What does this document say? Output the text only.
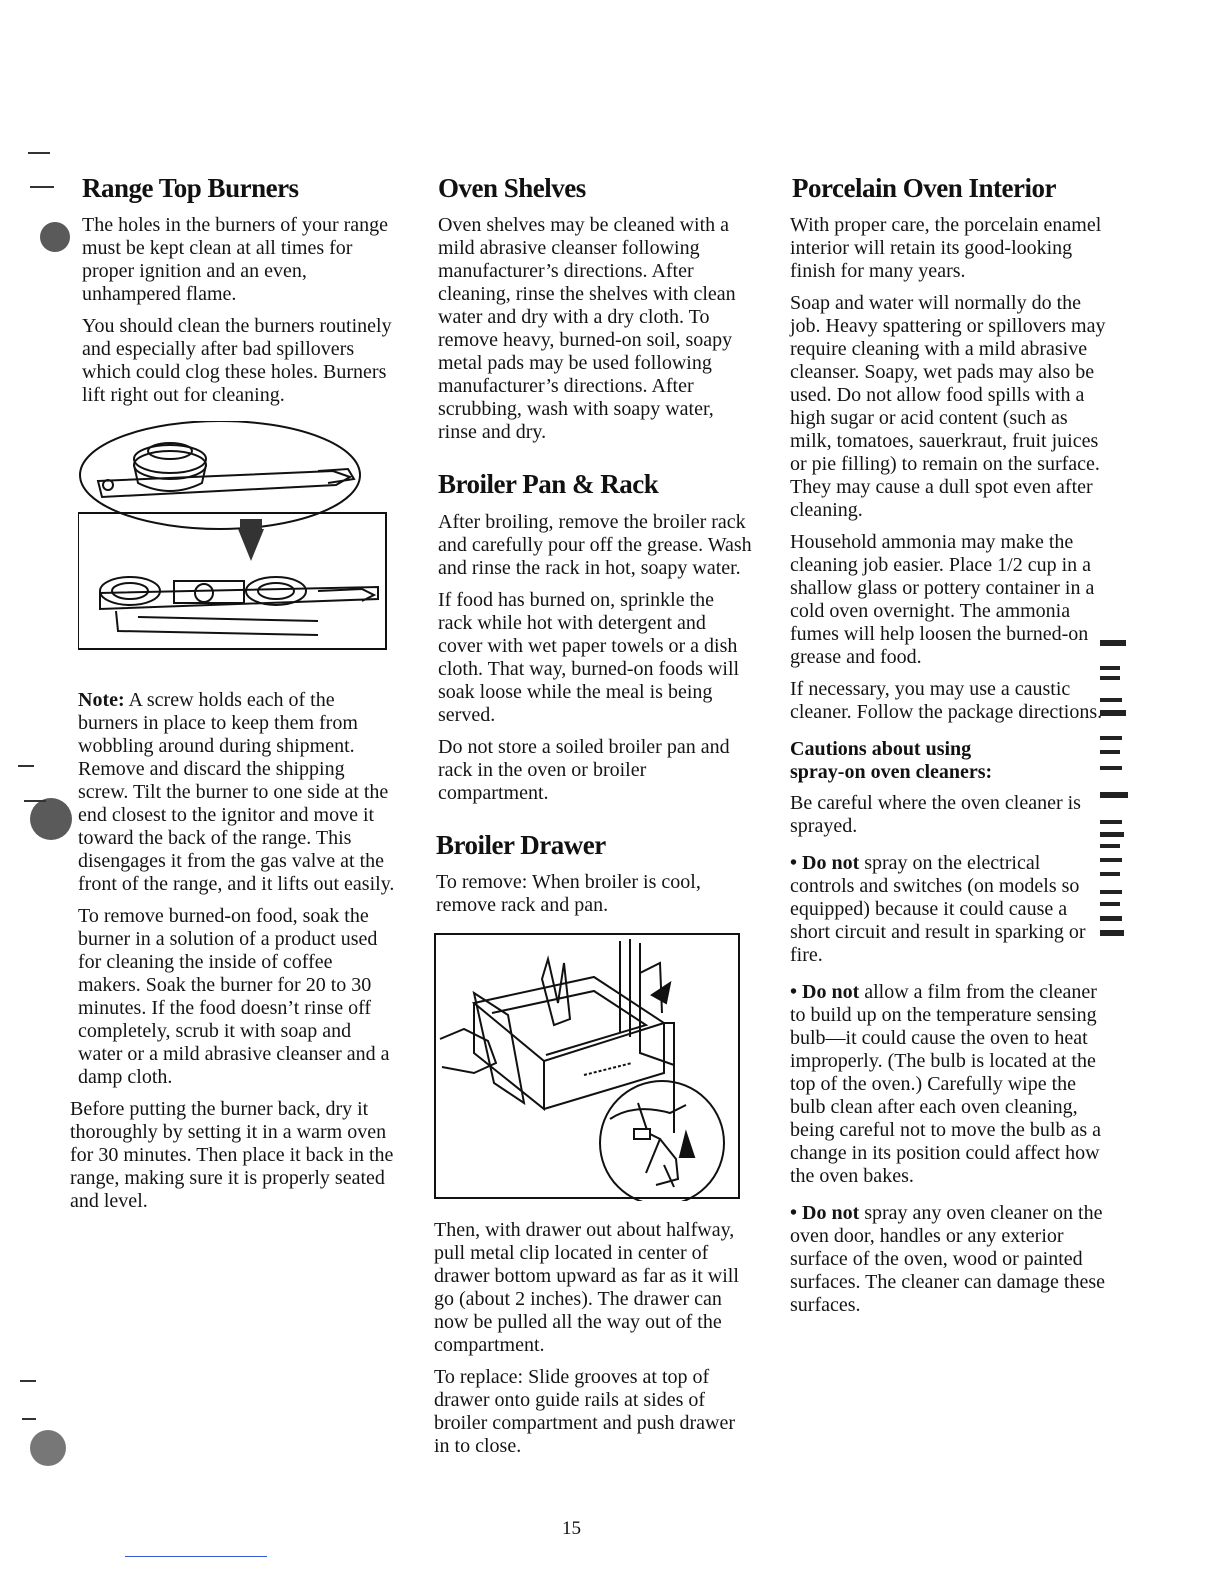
Range Top Burners

The holes in the burners of your range must be kept clean at all times for proper ignition and an even, unhampered flame.

You should clean the burners routinely and especially after bad spillovers which could clog these holes. Burners lift right out for cleaning.

Note: A screw holds each of the burners in place to keep them from wobbling around during shipment. Remove and discard the shipping screw. Tilt the burner to one side at the end closest to the ignitor and move it toward the back of the range. This disengages it from the gas valve at the front of the range, and it lifts out easily.

To remove burned-on food, soak the burner in a solution of a product used for cleaning the inside of coffee makers. Soak the burner for 20 to 30 minutes. If the food doesn’t rinse off completely, scrub it with soap and water or a mild abrasive cleanser and a damp cloth.

Before putting the burner back, dry it thoroughly by setting it in a warm oven for 30 minutes. Then place it back in the range, making sure it is properly seated and level.

Oven Shelves

Oven shelves may be cleaned with a mild abrasive cleanser following manufacturer’s directions. After cleaning, rinse the shelves with clean water and dry with a dry cloth. To remove heavy, burned-on soil, soapy metal pads may be used following manufacturer’s directions. After scrubbing, wash with soapy water, rinse and dry.

Broiler Pan & Rack

After broiling, remove the broiler rack and carefully pour off the grease. Wash and rinse the rack in hot, soapy water.

If food has burned on, sprinkle the rack while hot with detergent and cover with wet paper towels or a dish cloth. That way, burned-on foods will soak loose while the meal is being served.

Do not store a soiled broiler pan and rack in the oven or broiler compartment.

Broiler Drawer

To remove: When broiler is cool, remove rack and pan.

Then, with drawer out about halfway, pull metal clip located in center of drawer bottom upward as far as it will go (about 2 inches). The drawer can now be pulled all the way out of the compartment.

To replace: Slide grooves at top of drawer onto guide rails at sides of broiler compartment and push drawer in to close.

Porcelain Oven Interior

With proper care, the porcelain enamel interior will retain its good-looking finish for many years.

Soap and water will normally do the job. Heavy spattering or spillovers may require cleaning with a mild abrasive cleanser. Soapy, wet pads may also be used. Do not allow food spills with a high sugar or acid content (such as milk, tomatoes, sauerkraut, fruit juices or pie filling) to remain on the surface. They may cause a dull spot even after cleaning.

Household ammonia may make the cleaning job easier. Place 1/2 cup in a shallow glass or pottery container in a cold oven overnight. The ammonia fumes will help loosen the burned-on grease and food.

If necessary, you may use a caustic cleaner. Follow the package directions.

Cautions about using spray-on oven cleaners:

Be careful where the oven cleaner is sprayed.

• Do not spray on the electrical controls and switches (on models so equipped) because it could cause a short circuit and result in sparking or fire.

• Do not allow a film from the cleaner to build up on the temperature sensing bulb—it could cause the oven to heat improperly. (The bulb is located at the top of the oven.) Carefully wipe the bulb clean after each oven cleaning, being careful not to move the bulb as a change in its position could affect how the oven bakes.

• Do not spray any oven cleaner on the oven door, handles or any exterior surface of the oven, wood or painted surfaces. The cleaner can damage these surfaces.

15
